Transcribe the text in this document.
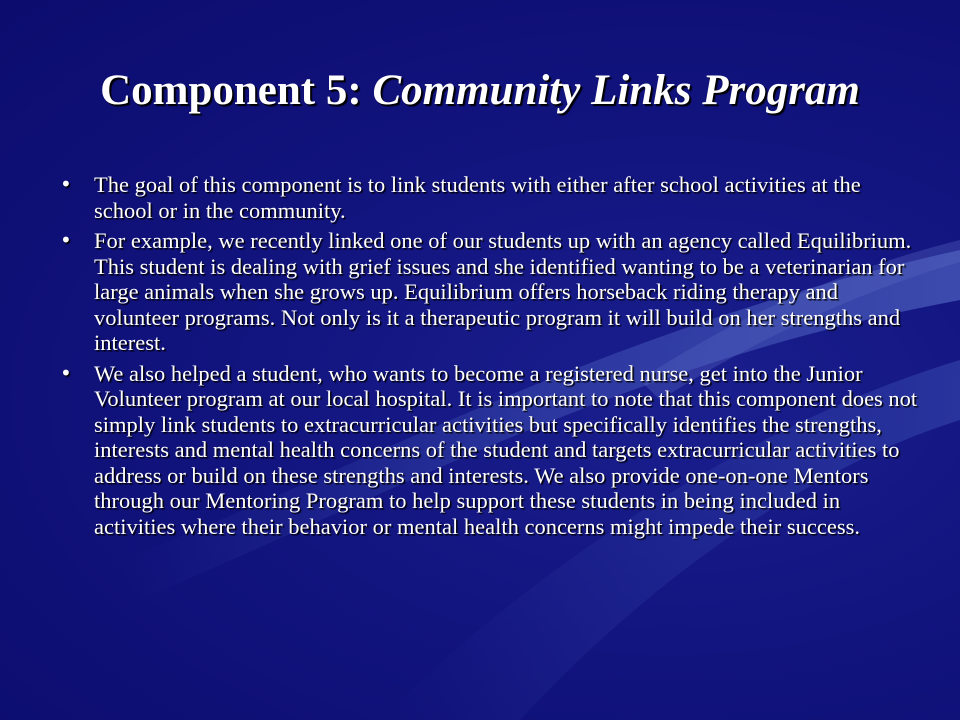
Component 5: Community Links Program
• The goal of this component is to link students with either after school activities at the school or in the community.
• For example, we recently linked one of our students up with an agency called Equilibrium. This student is dealing with grief issues and she identified wanting to be a veterinarian for large animals when she grows up. Equilibrium offers horseback riding therapy and volunteer programs. Not only is it a therapeutic program it will build on her strengths and interest.
• We also helped a student, who wants to become a registered nurse, get into the Junior Volunteer program at our local hospital. It is important to note that this component does not simply link students to extracurricular activities but specifically identifies the strengths, interests and mental health concerns of the student and targets extracurricular activities to address or build on these strengths and interests. We also provide one-on-one Mentors through our Mentoring Program to help support these students in being included in activities where their behavior or mental health concerns might impede their success.
